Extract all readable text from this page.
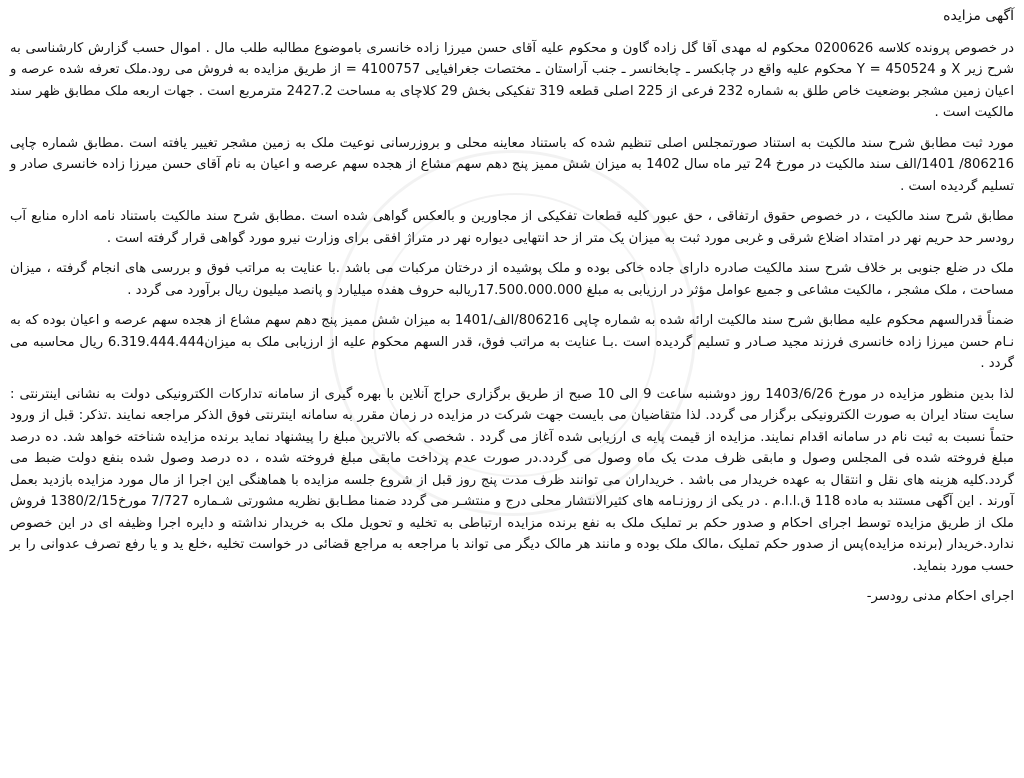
آگهی مزایده

در خصوص پرونده کلاسه 0200626 محکوم له مهدی آقا گل زاده گاون و محکوم علیه آقای حسن میرزا زاده خانسری باموضوع مطالبه طلب مال . اموال حسب گزارش کارشناسی به شرح زیر X و 450524 = Y محکوم علیه واقع در چابکسر ـ چابخانسر ـ جنب آراستان ـ مختصات جغرافیایی 4100757 = از طریق مزایده به فروش می رود.ملک تعرفه شده عرصه و اعیان زمین مشجر بوضعیت خاص طلق به شماره 232 فرعی از 225 اصلی قطعه 319 تفکیکی بخش 29 کلاچای به مساحت 2427.2 مترمربع است . جهات اربعه ملک مطابق ظهر سند مالکیت است .

مورد ثبت مطابق شرح سند مالکیت به استناد صورتمجلس اصلی تنظیم شده که باستناد معاینه محلی و بروزرسانی نوعیت ملک به زمین مشجر تغییر یافته است .مطابق شماره چاپی 806216/ 1401/الف سند مالکیت در مورخ 24 تیر ماه سال 1402 به میزان شش ممیز پنج دهم سهم مشاع از هجده سهم عرصه و اعیان به نام آقای حسن میرزا زاده خانسری صادر و تسلیم گردیده است .

مطابق شرح سند مالکیت ، در خصوص حقوق ارتفاقی ، حق عبور کلیه قطعات تفکیکی از مجاورین و بالعکس گواهی شده است .مطابق شرح سند مالکیت باستناد نامه اداره منابع آب رودسر حد حریم نهر در امتداد اضلاع شرقی و غربی مورد ثبت به میزان یک متر از حد انتهایی دیواره نهر در متراژ افقی برای وزارت نیرو مورد گواهی قرار گرفته است .

ملک در ضلع جنوبی بر خلاف شرح سند مالکیت صادره دارای جاده خاکی بوده و ملک پوشیده از درختان مرکبات می باشد .با عنایت به مراتب فوق و بررسی های انجام گرفته ، میزان مساحت ، ملک مشجر ، مالکیت مشاعی و جمیع عوامل مؤثر در ارزیابی به مبلغ 17.500.000.000ریالبه حروف هفده میلیارد و پانصد میلیون ریال برآورد می گردد .

ضمناً قدرالسهم محکوم علیه مطابق شرح سند مالکیت ارائه شده به شماره چاپی 806216/الف/1401 به میزان شش ممیز پنج دهم سهم مشاع از هجده سهم عرصه و اعیان بوده که به نـام حسن میرزا زاده خانسری فرزند مجید صـادر و تسلیم گردیده است .بـا عنایت به مراتب فوق، قدر السهم محکوم علیه از ارزیابی ملک به میزان6.319.444.444 ریال محاسبه می گردد .

لذا بدین منظور مزایده در مورخ 1403/6/26 روز دوشنبه ساعت 9 الی 10 صبح از طریق برگزاری حراج آنلاین با بهره گیری از سامانه تدارکات الکترونیکی دولت به نشانی اینترنتی : سایت ستاد ایران به صورت الکترونیکی برگزار می گردد. لذا متقاضیان می بایست جهت شرکت در مزایده در زمان مقرر به سامانه اینترنتی فوق الذکر مراجعه نمایند .تذکر: قبل از ورود حتماً نسبت به ثبت نام در سامانه اقدام نمایند. مزایده از قیمت پایه ی ارزیابی شده آغاز می گردد . شخصی که بالاترین مبلغ را پیشنهاد نماید برنده مزایده شناخته خواهد شد. ده درصد مبلغ فروخته شده فی المجلس وصول و مابقی ظرف مدت یک ماه وصول می گردد.در صورت عدم پرداخت مابقی مبلغ فروخته شده ، ده درصد وصول شده بنفع دولت ضبط می گردد.کلیه هزینه های نقل و انتقال به عهده خریدار می باشد . خریداران می توانند ظرف مدت پنج روز قبل از شروع جلسه مزایده با هماهنگی این اجرا از مال مورد مزایده بازدید بعمل آورند . این آگهی مستند به ماده 118 ق.ا.ا.م . در یکی از روزنـامه های کثیرالانتشار محلی درج و منتشـر می گردد ضمنا مطـابق نظریه مشورتی شـماره 7/727 مورخ1380/2/15 فروش ملک از طریق مزایده توسط اجرای احکام و صدور حکم بر تملیک ملک به نفع برنده مزایده ارتباطی به تخلیه و تحویل ملک به خریدار نداشته و دایره اجرا وظیفه ای در این خصوص ندارد.خریدار (برنده مزایده)پس از صدور حکم تملیک ،مالک ملک بوده و مانند هر مالک دیگر می تواند با مراجعه به مراجع قضائی در خواست تخلیه ،خلع ید و یا رفع تصرف عدوانی را بر حسب مورد بنماید.

اجرای احکام مدنی رودسر-
